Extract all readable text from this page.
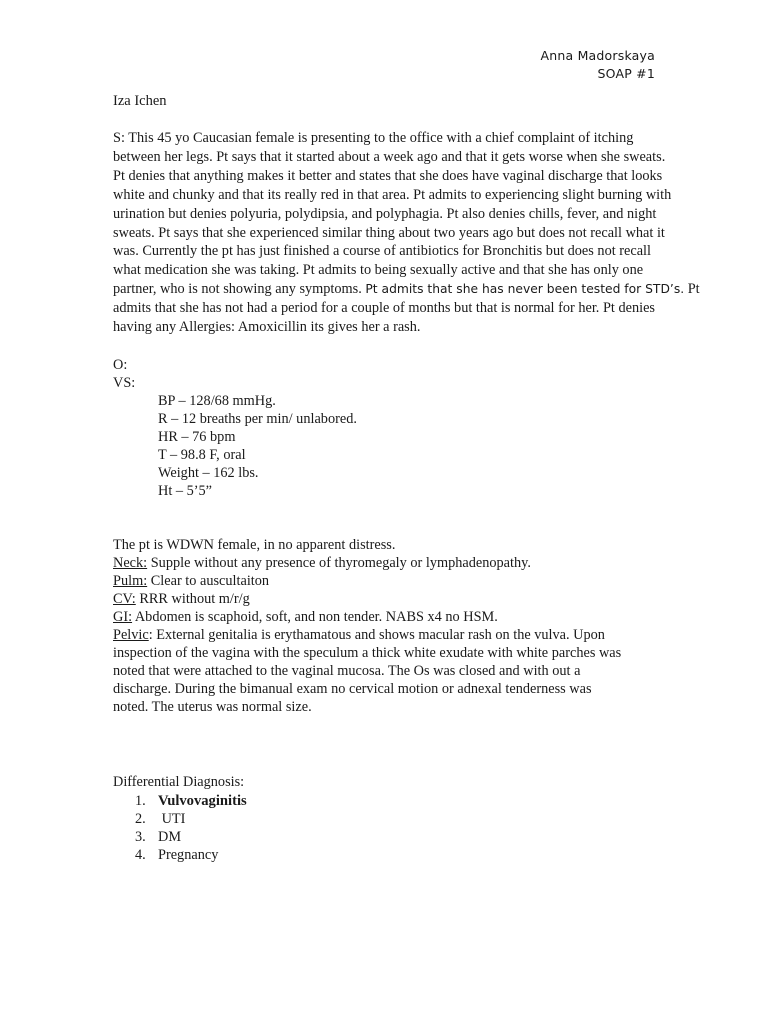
Anna Madorskaya
SOAP #1
Iza Ichen
S: This 45 yo Caucasian female is presenting to the office with a chief complaint of itching
between her legs. Pt says that it started about a week ago and that it gets worse when she sweats.
Pt denies that anything makes it better and states that she does have vaginal discharge that looks
white and chunky and that its really red in that area. Pt admits to experiencing slight burning with
urination but denies polyuria, polydipsia, and polyphagia. Pt also denies chills, fever, and night
sweats. Pt says that she experienced similar thing about two years ago but does not recall what it
was. Currently the pt has just finished a course of antibiotics for Bronchitis but does not recall
what medication she was taking. Pt admits to being sexually active and that she has only one
partner, who is not showing any symptoms. Pt admits that she has never been tested for STD’s. Pt
admits that she has not had a period for a couple of months but that is normal for her. Pt denies
having any Allergies: Amoxicillin its gives her a rash.
O:
VS:
BP – 128/68 mmHg.
R – 12 breaths per min/ unlabored.
HR – 76 bpm
T – 98.8 F, oral
Weight – 162 lbs.
Ht – 5’5”
The pt is WDWN female, in no apparent distress.
Neck: Supple without any presence of thyromegaly or lymphadenopathy.
Pulm: Clear to auscultaiton
CV: RRR without m/r/g
GI: Abdomen is scaphoid, soft, and non tender. NABS x4 no HSM.
Pelvic: External genitalia is erythamatous and shows macular rash on the vulva. Upon
inspection of the vagina with the speculum a thick white exudate with white parches was
noted that were attached to the vaginal mucosa. The Os was closed and with out a
discharge. During the bimanual exam no cervical motion or adnexal tenderness was
noted. The uterus was normal size.
Differential Diagnosis:
1. Vulvovaginitis
2. UTI
3. DM
4. Pregnancy
